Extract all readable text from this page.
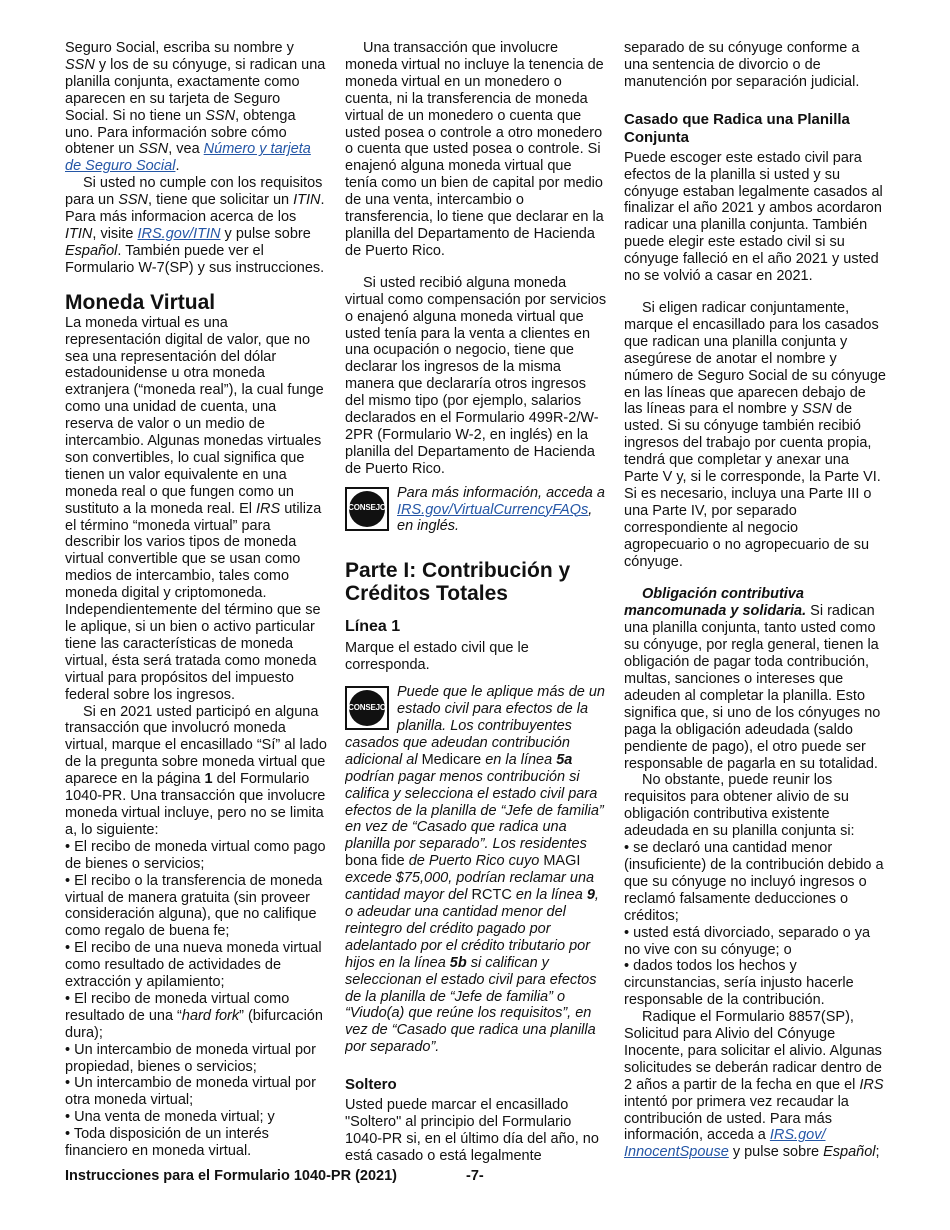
Seguro Social, escriba su nombre y SSN y los de su cónyuge, si radican una planilla conjunta, exactamente como aparecen en su tarjeta de Seguro Social. Si no tiene un SSN, obtenga uno. Para información sobre cómo obtener un SSN, vea Número y tarjeta de Seguro Social.

Si usted no cumple con los requisitos para un SSN, tiene que solicitar un ITIN. Para más informacion acerca de los ITIN, visite IRS.gov/ITIN y pulse sobre Español. También puede ver el Formulario W-7(SP) y sus instrucciones.

Moneda Virtual

La moneda virtual es una representación digital de valor, que no sea una representación del dólar estadounidense u otra moneda extranjera (“moneda real”), la cual funge como una unidad de cuenta, una reserva de valor o un medio de intercambio. Algunas monedas virtuales son convertibles, lo cual significa que tienen un valor equivalente en una moneda real o que fungen como un sustituto a la moneda real. El IRS utiliza el término “moneda virtual” para describir los varios tipos de moneda virtual convertible que se usan como medios de intercambio, tales como moneda digital y criptomoneda. Independientemente del término que se le aplique, si un bien o activo particular tiene las características de moneda virtual, ésta será tratada como moneda virtual para propósitos del impuesto federal sobre los ingresos.

Si en 2021 usted participó en alguna transacción que involucró moneda virtual, marque el encasillado “Sí” al lado de la pregunta sobre moneda virtual que aparece en la página 1 del Formulario 1040-PR. Una transacción que involucre moneda virtual incluye, pero no se limita a, lo siguiente:

• El recibo de moneda virtual como pago de bienes o servicios;

• El recibo o la transferencia de moneda virtual de manera gratuita (sin proveer consideración alguna), que no califique como regalo de buena fe;

• El recibo de una nueva moneda virtual como resultado de actividades de extracción y apilamiento;

• El recibo de moneda virtual como resultado de una “hard fork” (bifurcación dura);

• Un intercambio de moneda virtual por propiedad, bienes o servicios;

• Un intercambio de moneda virtual por otra moneda virtual;

• Una venta de moneda virtual; y

• Toda disposición de un interés financiero en moneda virtual.

Una transacción que involucre moneda virtual no incluye la tenencia de moneda virtual en un monedero o cuenta, ni la transferencia de moneda virtual de un monedero o cuenta que usted posea o controle a otro monedero o cuenta que usted posea o controle. Si enajenó alguna moneda virtual que tenía como un bien de capital por medio de una venta, intercambio o transferencia, lo tiene que declarar en la planilla del Departamento de Hacienda de Puerto Rico.

Si usted recibió alguna moneda virtual como compensación por servicios o enajenó alguna moneda virtual que usted tenía para la venta a clientes en una ocupación o negocio, tiene que declarar los ingresos de la misma manera que declararía otros ingresos del mismo tipo (por ejemplo, salarios declarados en el Formulario 499R-2/W-2PR (Formulario W-2, en inglés) en la planilla del Departamento de Hacienda de Puerto Rico.

CONSEJO

Para más información, acceda a IRS.gov/VirtualCurrencyFAQs, en inglés.

Parte I: Contribución y Créditos Totales
Línea 1

Marque el estado civil que le corresponda.

CONSEJO

Puede que le aplique más de un estado civil para efectos de la planilla. Los contribuyentes casados que adeudan contribución adicional al Medicare en la línea 5a podrían pagar menos contribución si califica y selecciona el estado civil para efectos de la planilla de “Jefe de familia” en vez de “Casado que radica una planilla por separado”. Los residentes bona fide de Puerto Rico cuyo MAGI excede $75,000, podrían reclamar una cantidad mayor del RCTC en la línea 9, o adeudar una cantidad menor del reintegro del crédito pagado por adelantado por el crédito tributario por hijos en la línea 5b si califican y seleccionan el estado civil para efectos de la planilla de “Jefe de familia” o “Viudo(a) que reúne los requisitos”, en vez de “Casado que radica una planilla por separado”.

Soltero

Usted puede marcar el encasillado "Soltero" al principio del Formulario 1040-PR si, en el último día del año, no está casado o está legalmente

separado de su cónyuge conforme a una sentencia de divorcio o de manutención por separación judicial.

Casado que Radica una Planilla Conjunta

Puede escoger este estado civil para efectos de la planilla si usted y su cónyuge estaban legalmente casados al finalizar el año 2021 y ambos acordaron radicar una planilla conjunta. También puede elegir este estado civil si su cónyuge falleció en el año 2021 y usted no se volvió a casar en 2021.

Si eligen radicar conjuntamente, marque el encasillado para los casados que radican una planilla conjunta y asegúrese de anotar el nombre y número de Seguro Social de su cónyuge en las líneas que aparecen debajo de las líneas para el nombre y SSN de usted. Si su cónyuge también recibió ingresos del trabajo por cuenta propia, tendrá que completar y anexar una Parte V y, si le corresponde, la Parte VI. Si es necesario, incluya una Parte III o una Parte IV, por separado correspondiente al negocio agropecuario o no agropecuario de su cónyuge.

Obligación contributiva mancomunada y solidaria. Si radican una planilla conjunta, tanto usted como su cónyuge, por regla general, tienen la obligación de pagar toda contribución, multas, sanciones o intereses que adeuden al completar la planilla. Esto significa que, si uno de los cónyuges no paga la obligación adeudada (saldo pendiente de pago), el otro puede ser responsable de pagarla en su totalidad.

No obstante, puede reunir los requisitos para obtener alivio de su obligación contributiva existente adeudada en su planilla conjunta si:

• se declaró una cantidad menor (insuficiente) de la contribución debido a que su cónyuge no incluyó ingresos o reclamó falsamente deducciones o créditos;

• usted está divorciado, separado o ya no vive con su cónyuge; o

• dados todos los hechos y circunstancias, sería injusto hacerle responsable de la contribución.

Radique el Formulario 8857(SP), Solicitud para Alivio del Cónyuge Inocente, para solicitar el alivio. Algunas solicitudes se deberán radicar dentro de 2 años a partir de la fecha en que el IRS intentó por primera vez recaudar la contribución de usted. Para más información, acceda a IRS.gov/ InnocentSpouse y pulse sobre Español;

Instrucciones para el Formulario 1040-PR (2021)	-7-
